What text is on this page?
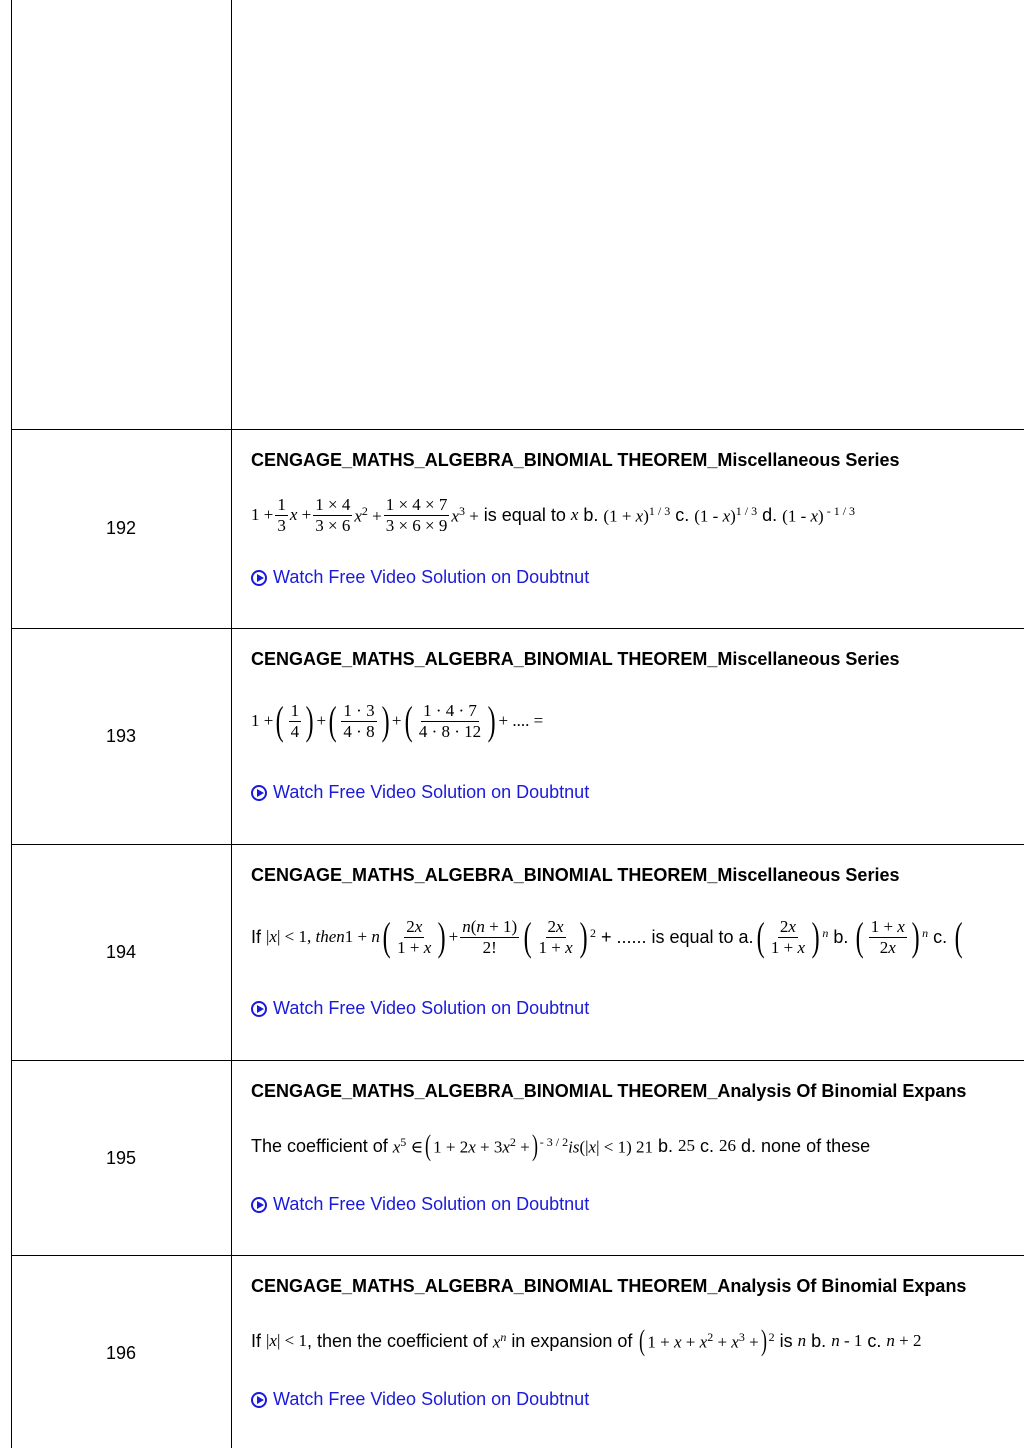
192
CENGAGE_MATHS_ALGEBRA_BINOMIAL THEOREM_Miscellaneous Series
$1 + \frac{1}{3}$ $x + \frac{1 \times 4}{3 \times 6} x^2 + \frac{1 \times 4 \times 7}{3 \times 6 \times 9} x^3$ + is equal to x b. $(1 + x)^{1 / 3}$ c. (1 - x)$^{1 / 3}$ d. (1 - x) $^{- 1 / 3}$
Watch Free Video Solution on Doubtnut
193
CENGAGE_MATHS_ALGEBRA_BINOMIAL THEOREM_Miscellaneous Series
1 + ( $\frac{1}{4}$ ) + ( $\frac{1 \cdot 3}{4 \cdot 8}$ ) + ( $\frac{1 \cdot 4 \cdot 7}{4 \cdot 8 \cdot 12}$ ) + .... =
Watch Free Video Solution on Doubtnut
194
CENGAGE_MATHS_ALGEBRA_BINOMIAL THEOREM_Miscellaneous Series
If |x| < 1, then1 + n ( $\frac{2x}{1 + x}$ ) + $\frac{n(n + 1)}{2!}$ ( $\frac{2x}{1 + x}$ ) $^2$ + ...... is equal to a. ( $\frac{2x}{1 + x}$ ) $^n$ b. ( $\frac{1 + x}{2x}$ ) $^n$ c. (
Watch Free Video Solution on Doubtnut
195
CENGAGE_MATHS_ALGEBRA_BINOMIAL THEOREM_Analysis Of Binomial Expans
The coefficient of $x^5$ ∈ ( $1 + 2x + 3x^2$ + ) $^{- 3 / 2}$is(|x| < 1) 21 b. 25 c. 26 d. none of these
Watch Free Video Solution on Doubtnut
196
CENGAGE_MATHS_ALGEBRA_BINOMIAL THEOREM_Analysis Of Binomial Expans
If |x| < 1 , then the coefficient of $x^n$ in expansion of ( $1 + x + x^2 + x^3$ + ) $^2$ is n b. n - 1 c. n + 2
Watch Free Video Solution on Doubtnut
